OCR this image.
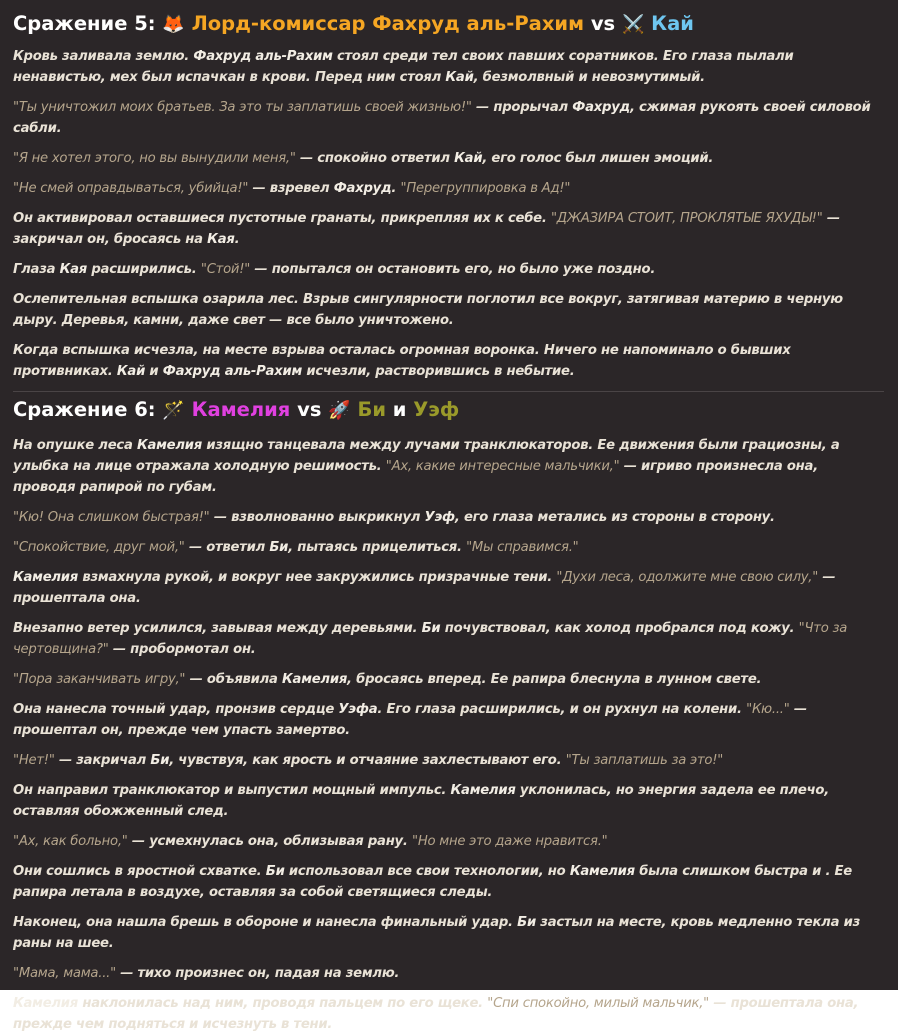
Сражение 5: 🦊 Лорд-комиссар Фахруд аль-Рахим vs ⚔️ Кай

Кровь заливала землю. Фахруд аль-Рахим стоял среди тел своих павших соратников. Его глаза пылали ненавистью, мех был испачкан в крови. Перед ним стоял Кай, безмолвный и невозмутимый.

"Ты уничтожил моих братьев. За это ты заплатишь своей жизнью!" — прорычал Фахруд, сжимая рукоять своей силовой сабли.

"Я не хотел этого, но вы вынудили меня," — спокойно ответил Кай, его голос был лишен эмоций.

"Не смей оправдываться, убийца!" — взревел Фахруд. "Перегруппировка в Ад!"

Он активировал оставшиеся пустотные гранаты, прикрепляя их к себе. "ДЖАЗИРА СТОИТ, ПРОКЛЯТЫЕ ЯХУДЫ!" — закричал он, бросаясь на Кая.

Глаза Кая расширились. "Стой!" — попытался он остановить его, но было уже поздно.

Ослепительная вспышка озарила лес. Взрыв сингулярности поглотил все вокруг, затягивая материю в черную дыру. Деревья, камни, даже свет — все было уничтожено.

Когда вспышка исчезла, на месте взрыва осталась огромная воронка. Ничего не напоминало о бывших противниках. Кай и Фахруд аль-Рахим исчезли, растворившись в небытие.

Сражение 6: 🪄 Камелия vs 🚀 Би и Уэф

На опушке леса Камелия изящно танцевала между лучами транклюкаторов. Ее движения были грациозны, а улыбка на лице отражала холодную решимость. "Ах, какие интересные мальчики," — игриво произнесла она, проводя рапирой по губам.

"Кю! Она слишком быстрая!" — взволнованно выкрикнул Уэф, его глаза метались из стороны в сторону.

"Спокойствие, друг мой," — ответил Би, пытаясь прицелиться. "Мы справимся."

Камелия взмахнула рукой, и вокруг нее закружились призрачные тени. "Духи леса, одолжите мне свою силу," — прошептала она.

Внезапно ветер усилился, завывая между деревьями. Би почувствовал, как холод пробрался под кожу. "Что за чертовщина?" — пробормотал он.

"Пора заканчивать игру," — объявила Камелия, бросаясь вперед. Ее рапира блеснула в лунном свете.

Она нанесла точный удар, пронзив сердце Уэфа. Его глаза расширились, и он рухнул на колени. "Кю..." — прошептал он, прежде чем упасть замертво.

"Нет!" — закричал Би, чувствуя, как ярость и отчаяние захлестывают его. "Ты заплатишь за это!"

Он направил транклюкатор и выпустил мощный импульс. Камелия уклонилась, но энергия задела ее плечо, оставляя обожженный след.

"Ах, как больно," — усмехнулась она, облизывая рану. "Но мне это даже нравится."

Они сошлись в яростной схватке. Би использовал все свои технологии, но Камелия была слишком быстра и . Ее рапира летала в воздухе, оставляя за собой светящиеся следы.

Наконец, она нашла брешь в обороне и нанесла финальный удар. Би застыл на месте, кровь медленно текла из раны на шее.

"Мама, мама..." — тихо произнес он, падая на землю.

Камелия наклонилась над ним, проводя пальцем по его щеке. "Спи спокойно, милый мальчик," — прошептала она, прежде чем подняться и исчезнуть в тени.
